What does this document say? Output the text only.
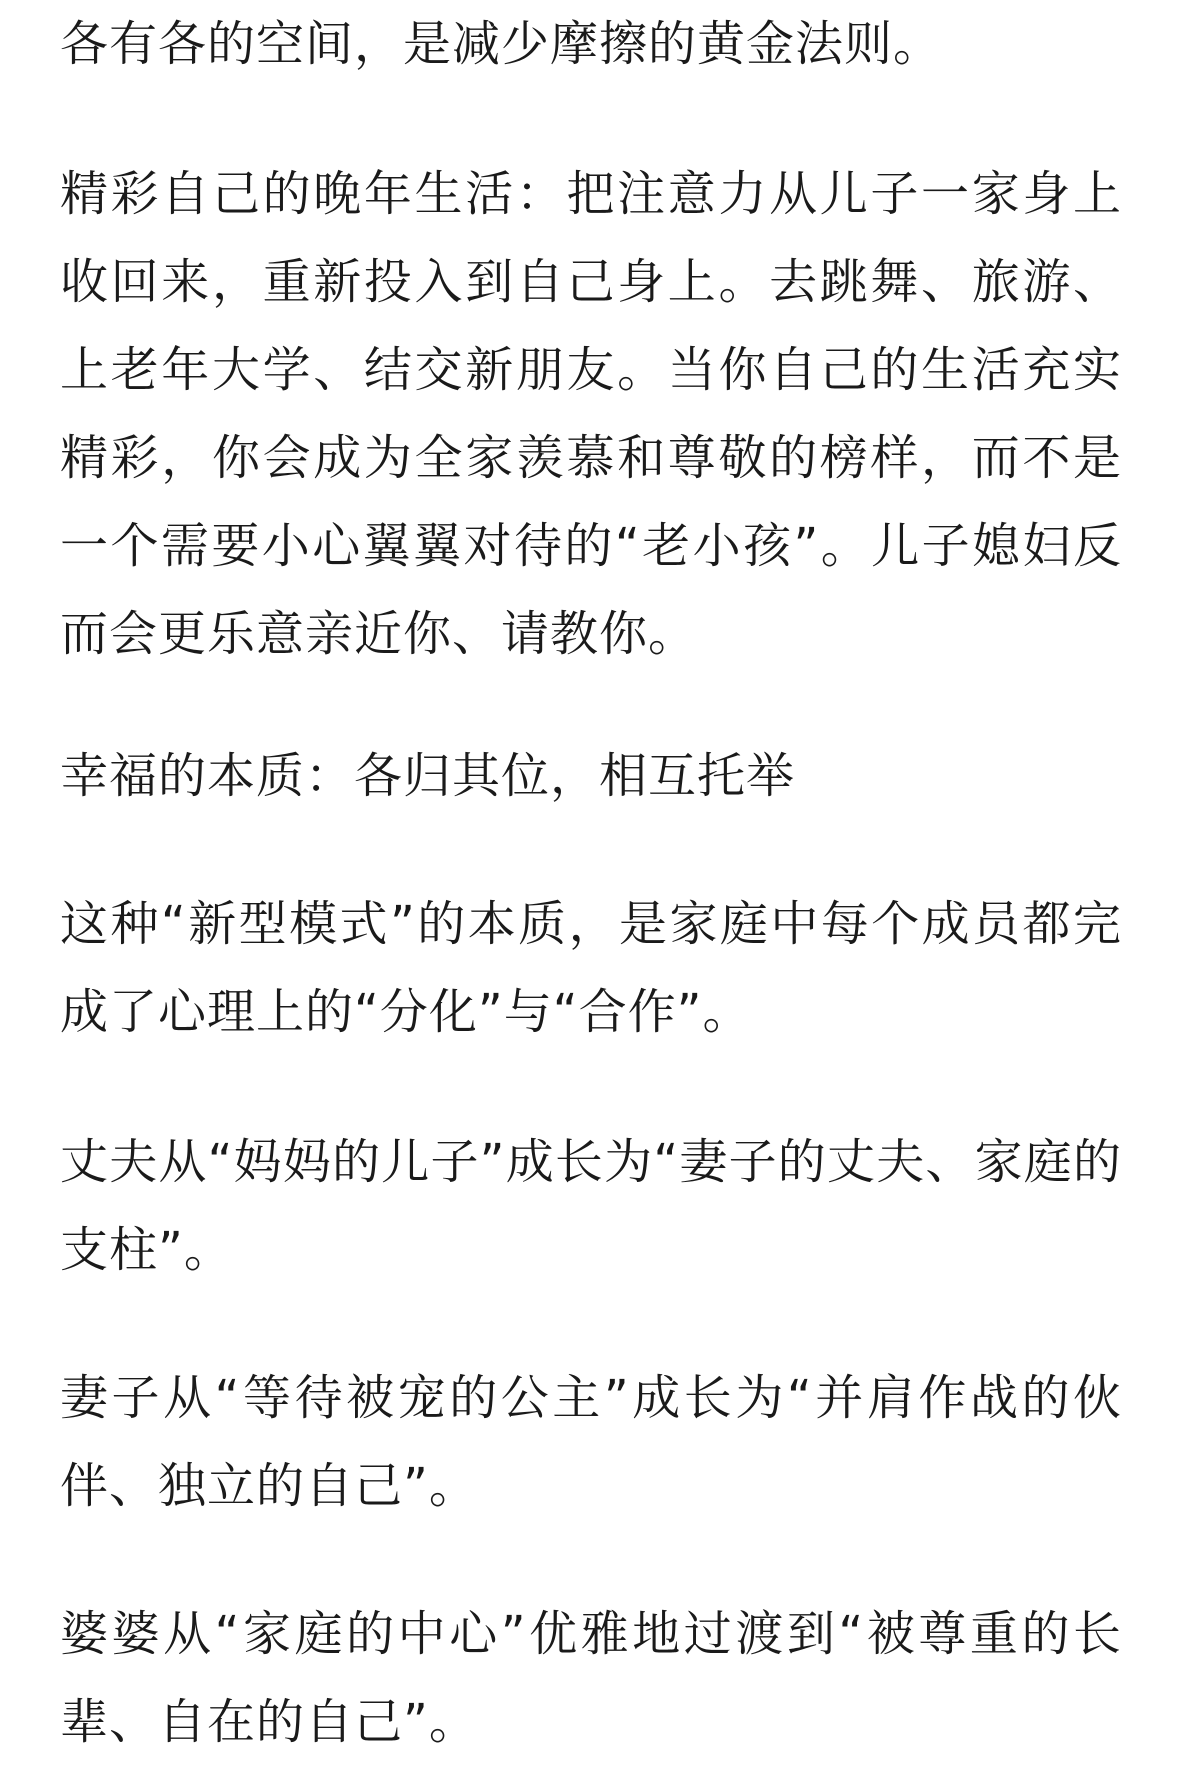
各有各的空间，是减少摩擦的黄金法则。

精彩自己的晚年生活：把注意力从儿子一家身上收回来，重新投入到自己身上。去跳舞、旅游、上老年大学、结交新朋友。当你自己的生活充实精彩，你会成为全家羡慕和尊敬的榜样，而不是一个需要小心翼翼对待的“老小孩”。儿子媳妇反而会更乐意亲近你、请教你。

幸福的本质：各归其位，相互托举

这种“新型模式”的本质，是家庭中每个成员都完成了心理上的“分化”与“合作”。

丈夫从“妈妈的儿子”成长为“妻子的丈夫、家庭的支柱”。

妻子从“等待被宠的公主”成长为“并肩作战的伙伴、独立的自己”。

婆婆从“家庭的中心”优雅地过渡到“被尊重的长辈、自在的自己”。
